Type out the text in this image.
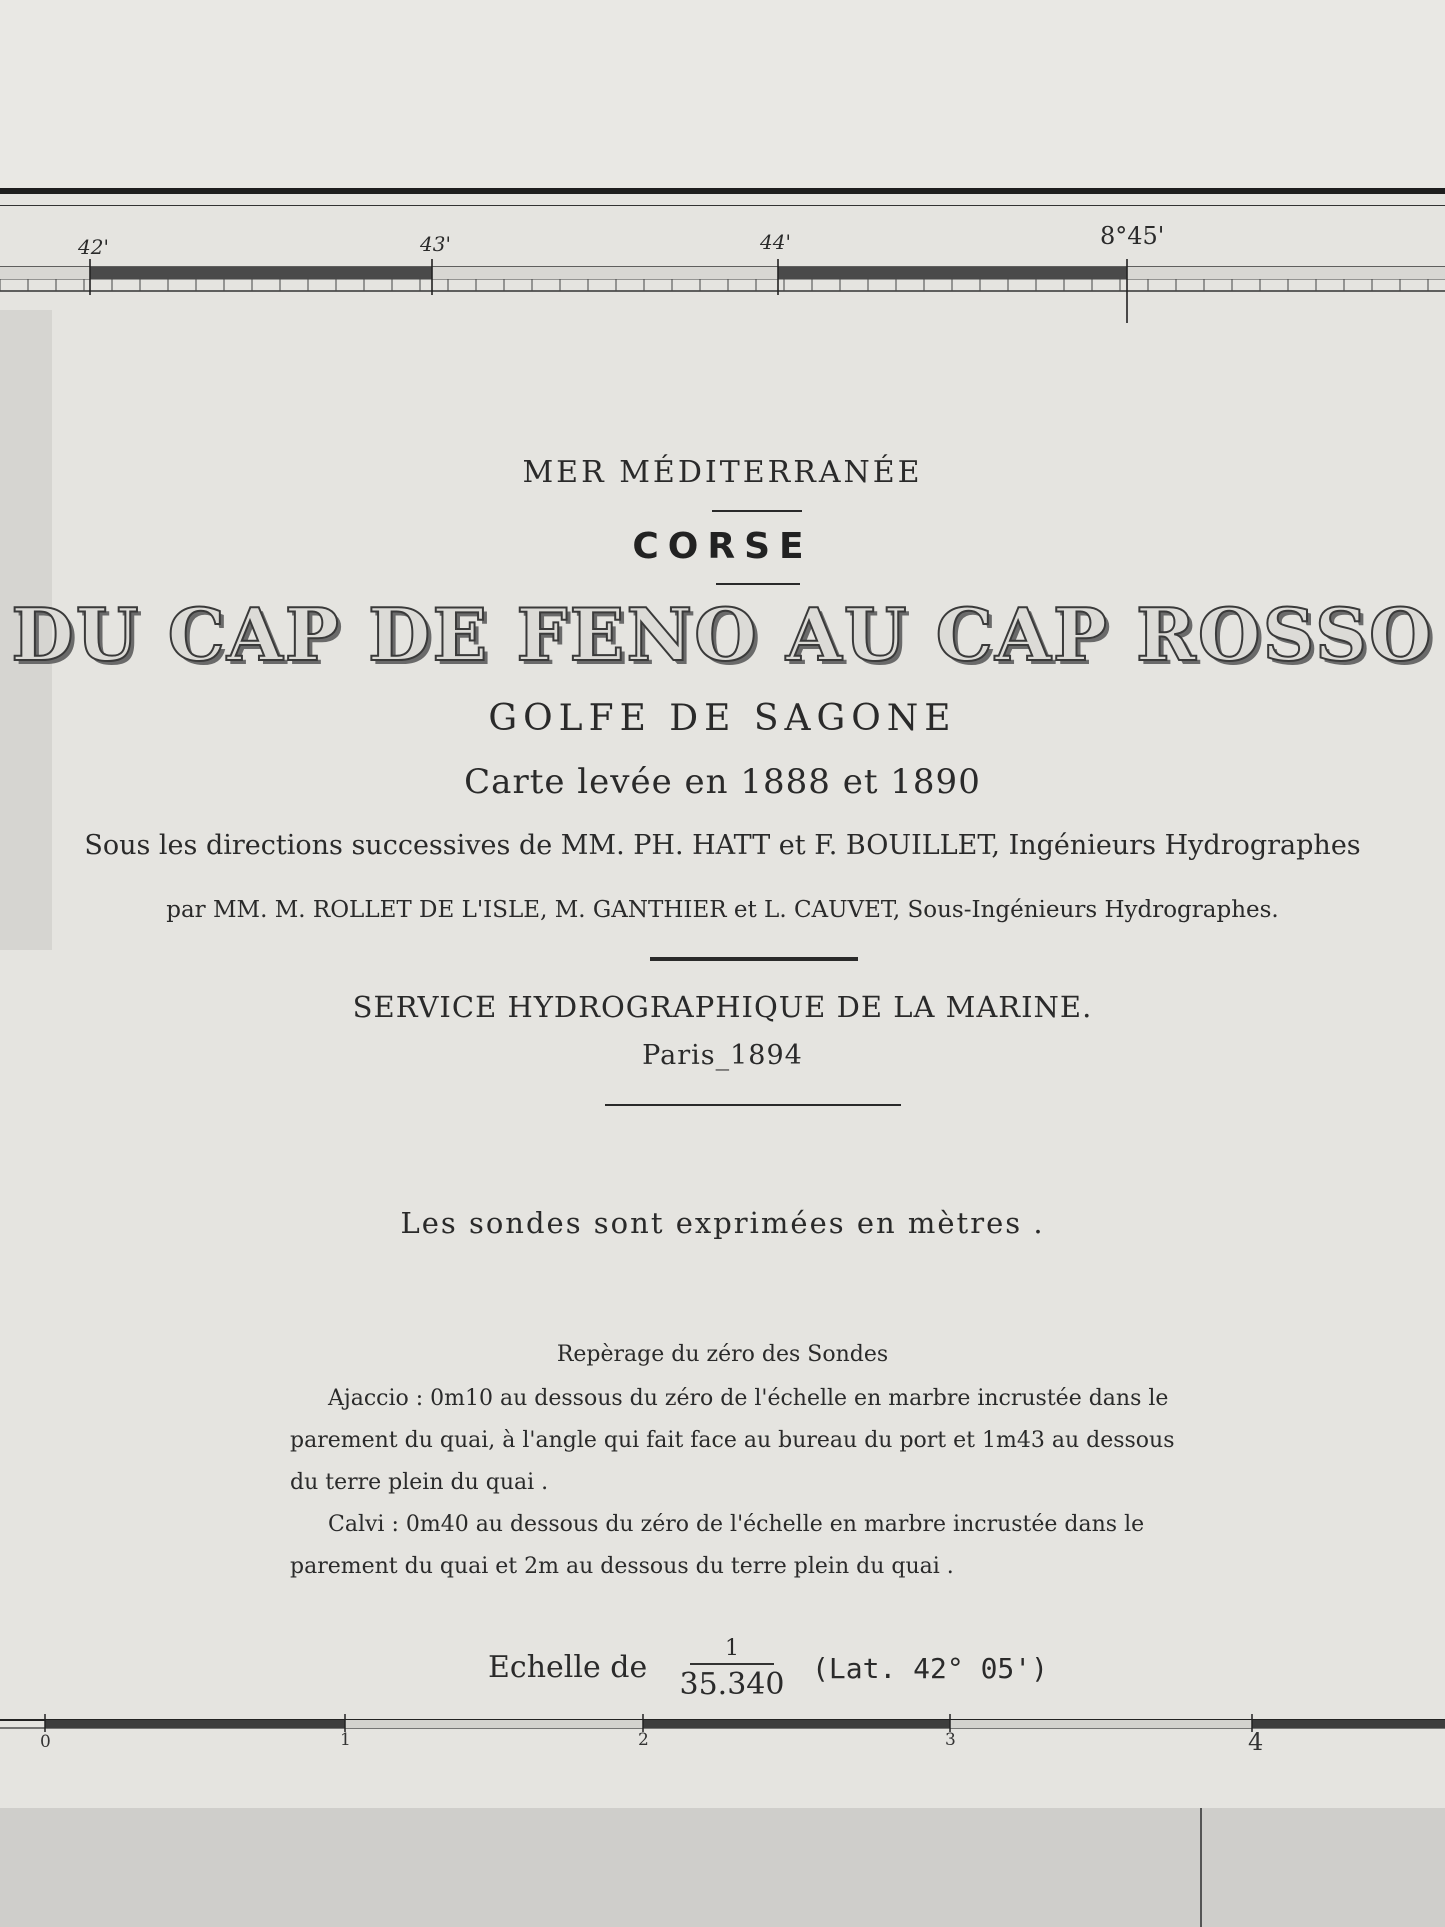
42'	43'	44'	8°45'
MER MÉDITERRANÉE
CORSE
DU CAP DE FENO AU CAP ROSSO
GOLFE DE SAGONE
Carte levée en 1888 et 1890
Sous les directions successives de MM. PH. HATT et F. BOUILLET, Ingénieurs Hydrographes
par MM. M. ROLLET DE L'ISLE, M. GANTHIER et L. CAUVET, Sous-Ingénieurs Hydrographes.
SERVICE HYDROGRAPHIQUE DE LA MARINE.
Paris_1894
Les sondes sont exprimées en mètres .
Repèrage du zéro des Sondes
Ajaccio : 0m10 au dessous du zéro de l'échelle en marbre incrustée dans le
parement du quai, à l'angle qui fait face au bureau du port et 1m43 au dessous
du terre plein du quai .
Calvi : 0m40 au dessous du zéro de l'échelle en marbre incrustée dans le
parement du quai et 2m au dessous du terre plein du quai .
Echelle de
1
35.340 (Lat. 42° 05')
0	1	2	3	4
